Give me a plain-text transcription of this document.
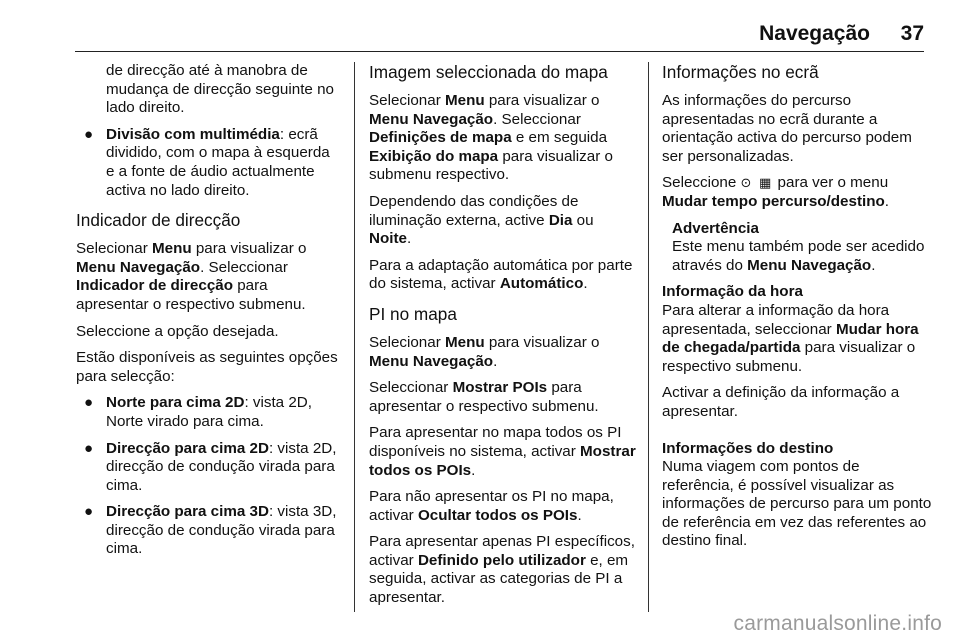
Navegação 37

de direcção até à manobra de mudança de direcção seguinte no lado direito.

● Divisão com multimédia: ecrã dividido, com o mapa à esquerda e a fonte de áudio actualmente activa no lado direito.
Indicador de direcção

Selecionar Menu para visualizar o Menu Navegação. Seleccionar Indicador de direcção para apresentar o respectivo submenu.

Seleccione a opção desejada.

Estão disponíveis as seguintes opções para selecção:

● Norte para cima 2D: vista 2D, Norte virado para cima.
● Direcção para cima 2D: vista 2D, direcção de condução virada para cima.
● Direcção para cima 3D: vista 3D, direcção de condução virada para cima.
Imagem seleccionada do mapa

Selecionar Menu para visualizar o Menu Navegação. Seleccionar Definições de mapa e em seguida Exibição do mapa para visualizar o submenu respectivo.

Dependendo das condições de iluminação externa, active Dia ou Noite.

Para a adaptação automática por parte do sistema, activar Automático.

PI no mapa

Selecionar Menu para visualizar o Menu Navegação.

Seleccionar Mostrar POIs para apresentar o respectivo submenu.

Para apresentar no mapa todos os PI disponíveis no sistema, activar Mostrar todos os POIs.

Para não apresentar os PI no mapa, activar Ocultar todos os POIs.

Para apresentar apenas PI específicos, activar Definido pelo utilizador e, em seguida, activar as categorias de PI a apresentar.

Informações no ecrã

As informações do percurso apresentadas no ecrã durante a orientação activa do percurso podem ser personalizadas.

Seleccione ⊙ ▦ para ver o menu Mudar tempo percurso/destino.

Advertência
Este menu também pode ser acedido através do Menu Navegação.

Informação da hora
Para alterar a informação da hora apresentada, seleccionar Mudar hora de chegada/partida para visualizar o respectivo submenu.

Activar a definição da informação a apresentar.

Informações do destino
Numa viagem com pontos de referência, é possível visualizar as informações de percurso para um ponto de referência em vez das referentes ao destino final.

carmanualsonline.info
